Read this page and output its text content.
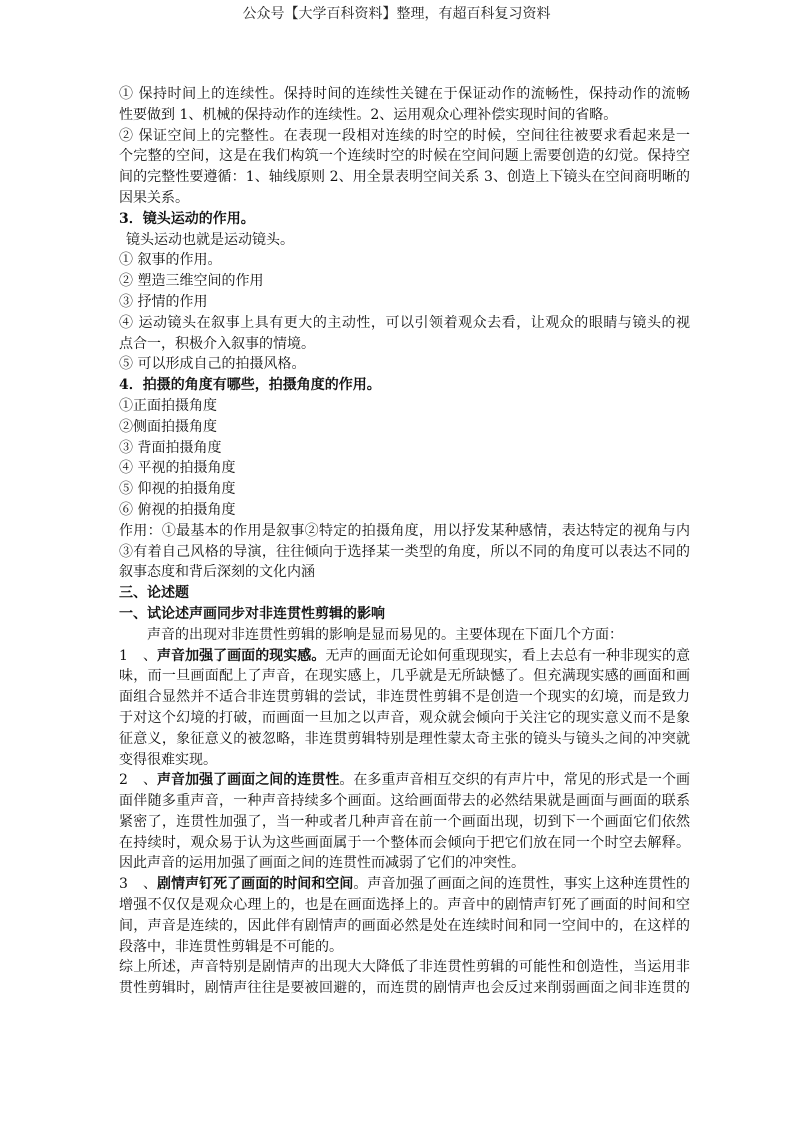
公众号【大学百科资料】整理，有超百科复习资料
① 保持时间上的连续性。保持时间的连续性关键在于保证动作的流畅性，保持动作的流畅
性要做到 1、机械的保持动作的连续性。2、运用观众心理补偿实现时间的省略。
② 保证空间上的完整性。在表现一段相对连续的时空的时候，空间往往被要求看起来是一
个完整的空间，这是在我们构筑一个连续时空的时候在空间问题上需要创造的幻觉。保持空
间的完整性要遵循：1、轴线原则 2、用全景表明空间关系 3、创造上下镜头在空间商明晰的
因果关系。
3．镜头运动的作用。
镜头运动也就是运动镜头。
① 叙事的作用。
② 塑造三维空间的作用
③ 抒情的作用
④ 运动镜头在叙事上具有更大的主动性，可以引领着观众去看，让观众的眼睛与镜头的视
点合一，积极介入叙事的情境。
⑤ 可以形成自己的拍摄风格。
4．拍摄的角度有哪些，拍摄角度的作用。
①正面拍摄角度
②侧面拍摄角度
③ 背面拍摄角度
④ 平视的拍摄角度
⑤ 仰视的拍摄角度
⑥ 俯视的拍摄角度
作用：①最基本的作用是叙事②特定的拍摄角度，用以抒发某种感情，表达特定的视角与内
③有着自己风格的导演，往往倾向于选择某一类型的角度，所以不同的角度可以表达不同的
叙事态度和背后深刻的文化内涵
三、论述题
一、试论述声画同步对非连贯性剪辑的影响
声音的出现对非连贯性剪辑的影响是显而易见的。主要体现在下面几个方面：
1、声音加强了画面的现实感。无声的画面无论如何重现现实，看上去总有一种非现实的意
味，而一旦画面配上了声音，在现实感上，几乎就是无所缺憾了。但充满现实感的画面和画
面组合显然并不适合非连贯剪辑的尝试，非连贯性剪辑不是创造一个现实的幻境，而是致力
于对这个幻境的打破，而画面一旦加之以声音，观众就会倾向于关注它的现实意义而不是象
征意义，象征意义的被忽略，非连贯剪辑特别是理性蒙太奇主张的镜头与镜头之间的冲突就
变得很难实现。
2、声音加强了画面之间的连贯性。在多重声音相互交织的有声片中，常见的形式是一个画
面伴随多重声音，一种声音持续多个画面。这给画面带去的必然结果就是画面与画面的联系
紧密了，连贯性加强了，当一种或者几种声音在前一个画面出现，切到下一个画面它们依然
在持续时，观众易于认为这些画面属于一个整体而会倾向于把它们放在同一个时空去解释。
因此声音的运用加强了画面之间的连贯性而减弱了它们的冲突性。
3、剧情声钉死了画面的时间和空间。声音加强了画面之间的连贯性，事实上这种连贯性的
增强不仅仅是观众心理上的，也是在画面选择上的。声音中的剧情声钉死了画面的时间和空
间，声音是连续的，因此伴有剧情声的画面必然是处在连续时间和同一空间中的，在这样的
段落中，非连贯性剪辑是不可能的。
综上所述，声音特别是剧情声的出现大大降低了非连贯性剪辑的可能性和创造性，当运用非
贯性剪辑时，剧情声往往是要被回避的，而连贯的剧情声也会反过来削弱画面之间非连贯的
